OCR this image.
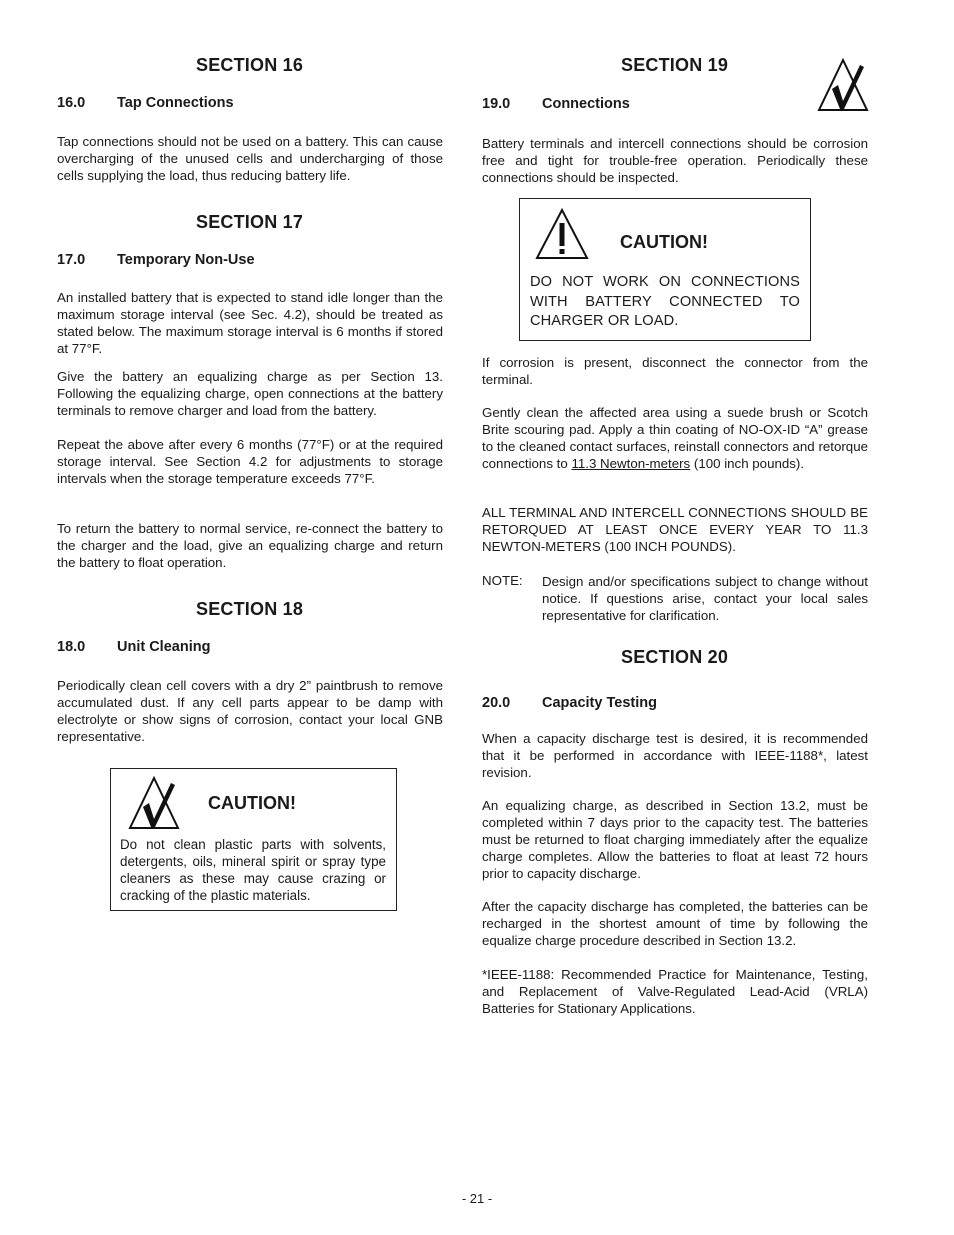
SECTION 16
16.0 Tap Connections
Tap connections should not be used on a battery. This can cause overcharging of the unused cells and undercharging of those cells supplying the load, thus reducing battery life.
SECTION 17
17.0 Temporary Non-Use
An installed battery that is expected to stand idle longer than the maximum storage interval (see Sec. 4.2), should be treated as stated below. The maximum storage interval is 6 months if stored at 77°F.
Give the battery an equalizing charge as per Section 13. Following the equalizing charge, open connections at the battery terminals to remove charger and load from the battery.
Repeat the above after every 6 months (77°F) or at the required storage interval. See Section 4.2 for adjustments to storage intervals when the storage temperature exceeds 77°F.
To return the battery to normal service, re-connect the battery to the charger and the load, give an equalizing charge and return the battery to float operation.
SECTION 18
18.0 Unit Cleaning
Periodically clean cell covers with a dry 2” paintbrush to remove accumulated dust. If any cell parts appear to be damp with electrolyte or show signs of corrosion, contact your local GNB representative.
CAUTION!
Do not clean plastic parts with solvents, detergents, oils, mineral spirit or spray type cleaners as these may cause crazing or cracking of the plastic materials.
SECTION 19
19.0 Connections
Battery terminals and intercell connections should be corrosion free and tight for trouble-free operation. Periodically these connections should be inspected.
CAUTION!
DO NOT WORK ON CONNECTIONS WITH BATTERY CONNECTED TO CHARGER OR LOAD.
If corrosion is present, disconnect the connector from the terminal.
Gently clean the affected area using a suede brush or Scotch Brite scouring pad. Apply a thin coating of NO-OX-ID “A” grease to the cleaned contact surfaces, reinstall connectors and retorque connections to 11.3 Newton-meters (100 inch pounds).
ALL TERMINAL AND INTERCELL CONNECTIONS SHOULD BE RETORQUED AT LEAST ONCE EVERY YEAR TO 11.3 NEWTON-METERS (100 INCH POUNDS).
NOTE: Design and/or specifications subject to change without notice. If questions arise, contact your local sales representative for clarification.
SECTION 20
20.0 Capacity Testing
When a capacity discharge test is desired, it is recommended that it be performed in accordance with IEEE-1188*, latest revision.
An equalizing charge, as described in Section 13.2, must be completed within 7 days prior to the capacity test. The batteries must be returned to float charging immediately after the equalize charge completes. Allow the batteries to float at least 72 hours prior to capacity discharge.
After the capacity discharge has completed, the batteries can be recharged in the shortest amount of time by following the equalize charge procedure described in Section 13.2.
*IEEE-1188: Recommended Practice for Maintenance, Testing, and Replacement of Valve-Regulated Lead-Acid (VRLA) Batteries for Stationary Applications.
- 21 -
